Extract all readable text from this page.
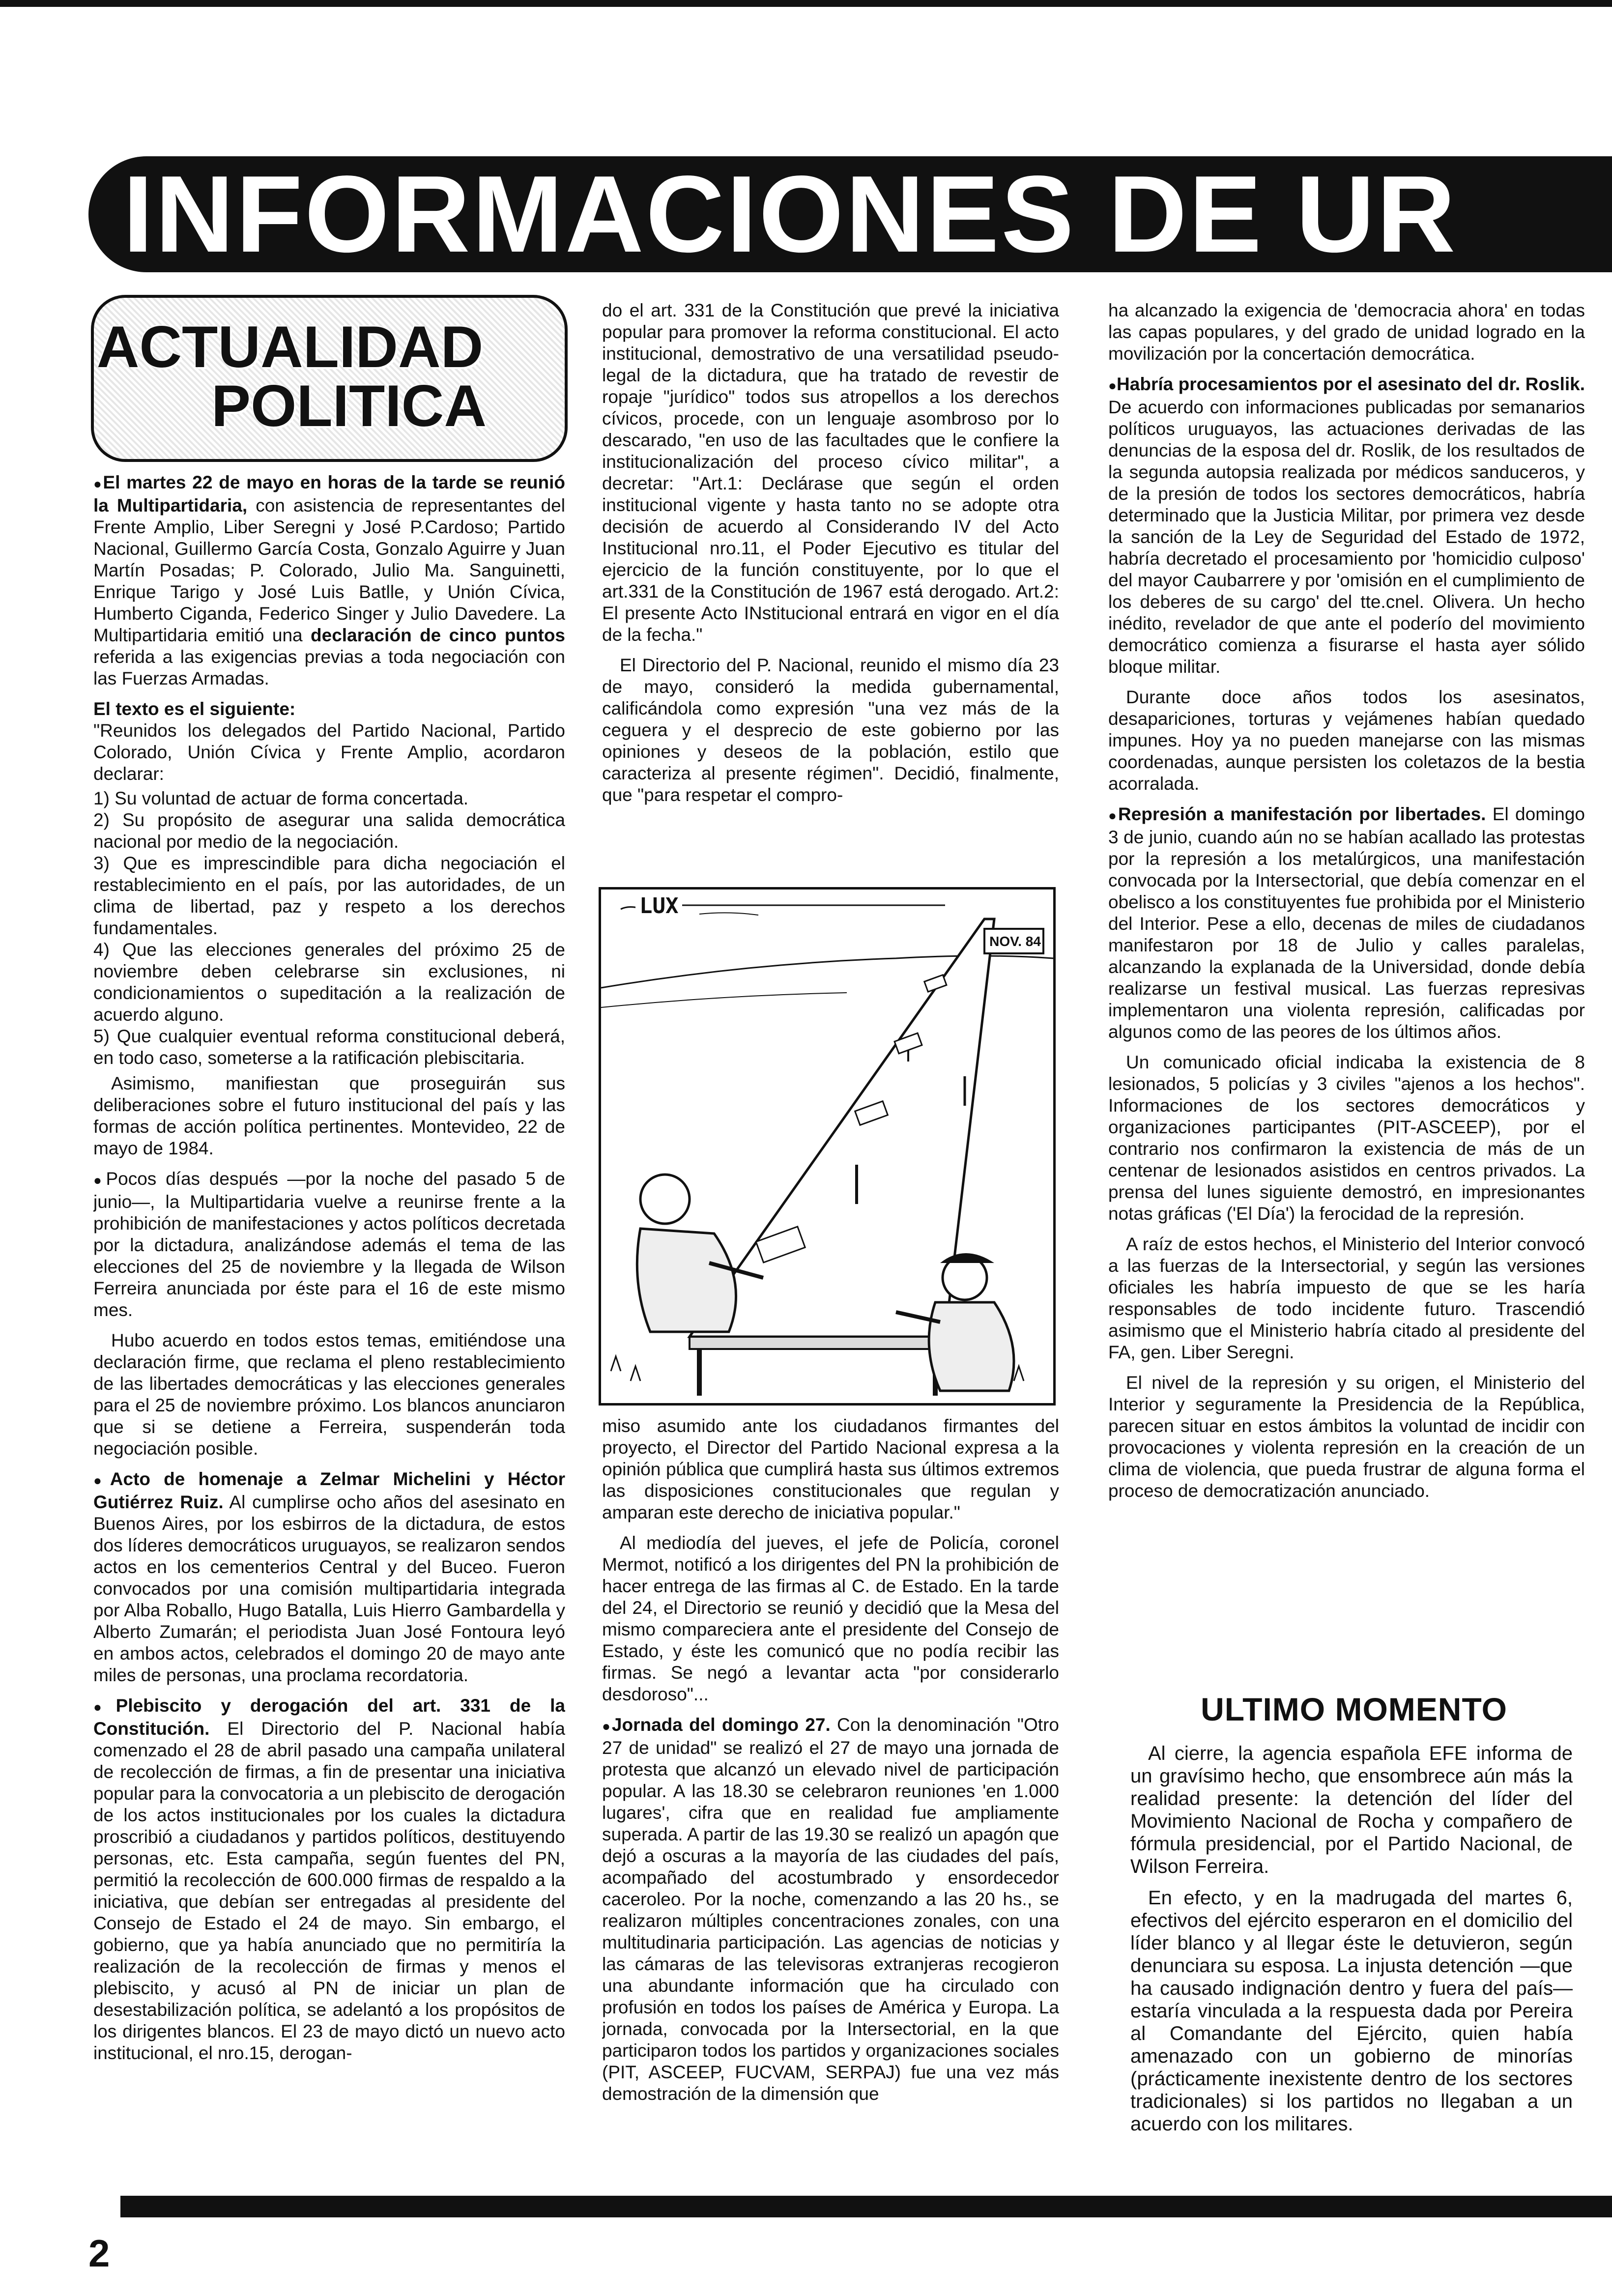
INFORMACIONES DE UR
ACTUALIDAD
POLITICA

● El martes 22 de mayo en horas de la tarde se reunió la Multipartidaria, con asistencia de representantes del Frente Amplio, Liber Seregni y José P.Cardoso; Partido Nacional, Guillermo García Costa, Gonzalo Aguirre y Juan Martín Posadas; P. Colorado, Julio Ma. Sanguinetti, Enrique Tarigo y José Luis Batlle, y Unión Cívica, Humberto Ciganda, Federico Singer y Julio Davedere. La Multipartidaria emitió una declaración de cinco puntos referida a las exigencias previas a toda negociación con las Fuerzas Armadas.

El texto es el siguiente:
"Reunidos los delegados del Partido Nacional, Partido Colorado, Unión Cívica y Frente Amplio, acordaron declarar:

1) Su voluntad de actuar de forma concertada.
2) Su propósito de asegurar una salida democrática nacional por medio de la negociación.
3) Que es imprescindible para dicha negociación el restablecimiento en el país, por las autoridades, de un clima de libertad, paz y respeto a los derechos fundamentales.
4) Que las elecciones generales del próximo 25 de noviembre deben celebrarse sin exclusiones, ni condicionamientos o supeditación a la realización de acuerdo alguno.
5) Que cualquier eventual reforma constitucional deberá, en todo caso, someterse a la ratificación plebiscitaria.

Asimismo, manifiestan que proseguirán sus deliberaciones sobre el futuro institucional del país y las formas de acción política pertinentes. Montevideo, 22 de mayo de 1984.

● Pocos días después —por la noche del pasado 5 de junio—, la Multipartidaria vuelve a reunirse frente a la prohibición de manifestaciones y actos políticos decretada por la dictadura, analizándose además el tema de las elecciones del 25 de noviembre y la llegada de Wilson Ferreira anunciada por éste para el 16 de este mismo mes.

Hubo acuerdo en todos estos temas, emitiéndose una declaración firme, que reclama el pleno restablecimiento de las libertades democráticas y las elecciones generales para el 25 de noviembre próximo. Los blancos anunciaron que si se detiene a Ferreira, suspenderán toda negociación posible.

● Acto de homenaje a Zelmar Michelini y Héctor Gutiérrez Ruiz. Al cumplirse ocho años del asesinato en Buenos Aires, por los esbirros de la dictadura, de estos dos líderes democráticos uruguayos, se realizaron sendos actos en los cementerios Central y del Buceo. Fueron convocados por una comisión multipartidaria integrada por Alba Roballo, Hugo Batalla, Luis Hierro Gambardella y Alberto Zumarán; el periodista Juan José Fontoura leyó en ambos actos, celebrados el domingo 20 de mayo ante miles de personas, una proclama recordatoria.

● Plebiscito y derogación del art. 331 de la Constitución. El Directorio del P. Nacional había comenzado el 28 de abril pasado una campaña unilateral de recolección de firmas, a fin de presentar una iniciativa popular para la convocatoria a un plebiscito de derogación de los actos institucionales por los cuales la dictadura proscribió a ciudadanos y partidos políticos, destituyendo personas, etc. Esta campaña, según fuentes del PN, permitió la recolección de 600.000 firmas de respaldo a la iniciativa, que debían ser entregadas al presidente del Consejo de Estado el 24 de mayo. Sin embargo, el gobierno, que ya había anunciado que no permitiría la realización de la recolección de firmas y menos el plebiscito, y acusó al PN de iniciar un plan de desestabilización política, se adelantó a los propósitos de los dirigentes blancos. El 23 de mayo dictó un nuevo acto institucional, el nro.15, derogan-

do el art. 331 de la Constitución que prevé la iniciativa popular para promover la reforma constitucional. El acto institucional, demostrativo de una versatilidad pseudo-legal de la dictadura, que ha tratado de revestir de ropaje "jurídico" todos sus atropellos a los derechos cívicos, procede, con un lenguaje asombroso por lo descarado, "en uso de las facultades que le confiere la institucionalización del proceso cívico militar", a decretar: "Art.1: Declárase que según el orden institucional vigente y hasta tanto no se adopte otra decisión de acuerdo al Considerando IV del Acto Institucional nro.11, el Poder Ejecutivo es titular del ejercicio de la función constituyente, por lo que el art.331 de la Constitución de 1967 está derogado. Art.2: El presente Acto INstitucional entrará en vigor en el día de la fecha."

El Directorio del P. Nacional, reunido el mismo día 23 de mayo, consideró la medida gubernamental, calificándola como expresión "una vez más de la ceguera y el desprecio de este gobierno por las opiniones y deseos de la población, estilo que caracteriza al presente régimen". Decidió, finalmente, que "para respetar el compro-

LUX
NOV. 84

miso asumido ante los ciudadanos firmantes del proyecto, el Director del Partido Nacional expresa a la opinión pública que cumplirá hasta sus últimos extremos las disposiciones constitucionales que regulan y amparan este derecho de iniciativa popular."

Al mediodía del jueves, el jefe de Policía, coronel Mermot, notificó a los dirigentes del PN la prohibición de hacer entrega de las firmas al C. de Estado. En la tarde del 24, el Directorio se reunió y decidió que la Mesa del mismo compareciera ante el presidente del Consejo de Estado, y éste les comunicó que no podía recibir las firmas. Se negó a levantar acta "por considerarlo desdoroso"...

● Jornada del domingo 27. Con la denominación "Otro 27 de unidad" se realizó el 27 de mayo una jornada de protesta que alcanzó un elevado nivel de participación popular. A las 18.30 se celebraron reuniones 'en 1.000 lugares', cifra que en realidad fue ampliamente superada. A partir de las 19.30 se realizó un apagón que dejó a oscuras a la mayoría de las ciudades del país, acompañado del acostumbrado y ensordecedor caceroleo. Por la noche, comenzando a las 20 hs., se realizaron múltiples concentraciones zonales, con una multitudinaria participación. Las agencias de noticias y las cámaras de las televisoras extranjeras recogieron una abundante información que ha circulado con profusión en todos los países de América y Europa. La jornada, convocada por la Intersectorial, en la que participaron todos los partidos y organizaciones sociales (PIT, ASCEEP, FUCVAM, SERPAJ) fue una vez más demostración de la dimensión que

ha alcanzado la exigencia de 'democracia ahora' en todas las capas populares, y del grado de unidad logrado en la movilización por la concertación democrática.

● Habría procesamientos por el asesinato del dr. Roslik. De acuerdo con informaciones publicadas por semanarios políticos uruguayos, las actuaciones derivadas de las denuncias de la esposa del dr. Roslik, de los resultados de la segunda autopsia realizada por médicos sanduceros, y de la presión de todos los sectores democráticos, habría determinado que la Justicia Militar, por primera vez desde la sanción de la Ley de Seguridad del Estado de 1972, habría decretado el procesamiento por 'homicidio culposo' del mayor Caubarrere y por 'omisión en el cumplimiento de los deberes de su cargo' del tte.cnel. Olivera. Un hecho inédito, revelador de que ante el poderío del movimiento democrático comienza a fisurarse el hasta ayer sólido bloque militar.

Durante doce años todos los asesinatos, desapariciones, torturas y vejámenes habían quedado impunes. Hoy ya no pueden manejarse con las mismas coordenadas, aunque persisten los coletazos de la bestia acorralada.

● Represión a manifestación por libertades. El domingo 3 de junio, cuando aún no se habían acallado las protestas por la represión a los metalúrgicos, una manifestación convocada por la Intersectorial, que debía comenzar en el obelisco a los constituyentes fue prohibida por el Ministerio del Interior. Pese a ello, decenas de miles de ciudadanos manifestaron por 18 de Julio y calles paralelas, alcanzando la explanada de la Universidad, donde debía realizarse un festival musical. Las fuerzas represivas implementaron una violenta represión, calificadas por algunos como de las peores de los últimos años.

Un comunicado oficial indicaba la existencia de 8 lesionados, 5 policías y 3 civiles "ajenos a los hechos". Informaciones de los sectores democráticos y organizaciones participantes (PIT-ASCEEP), por el contrario nos confirmaron la existencia de más de un centenar de lesionados asistidos en centros privados. La prensa del lunes siguiente demostró, en impresionantes notas gráficas ('El Día') la ferocidad de la represión.

A raíz de estos hechos, el Ministerio del Interior convocó a las fuerzas de la Intersectorial, y según las versiones oficiales les habría impuesto de que se les haría responsables de todo incidente futuro. Trascendió asimismo que el Ministerio habría citado al presidente del FA, gen. Liber Seregni.

El nivel de la represión y su origen, el Ministerio del Interior y seguramente la Presidencia de la República, parecen situar en estos ámbitos la voluntad de incidir con provocaciones y violenta represión en la creación de un clima de violencia, que pueda frustrar de alguna forma el proceso de democratización anunciado.

ULTIMO MOMENTO

Al cierre, la agencia española EFE informa de un gravísimo hecho, que ensombrece aún más la realidad presente: la detención del líder del Movimiento Nacional de Rocha y compañero de fórmula presidencial, por el Partido Nacional, de Wilson Ferreira.

En efecto, y en la madrugada del martes 6, efectivos del ejército esperaron en el domicilio del líder blanco y al llegar éste le detuvieron, según denunciara su esposa. La injusta detención —que ha causado indignación dentro y fuera del país— estaría vinculada a la respuesta dada por Pereira al Comandante del Ejército, quien había amenazado con un gobierno de minorías (prácticamente inexistente dentro de los sectores tradicionales) si los partidos no llegaban a un acuerdo con los militares.

2
